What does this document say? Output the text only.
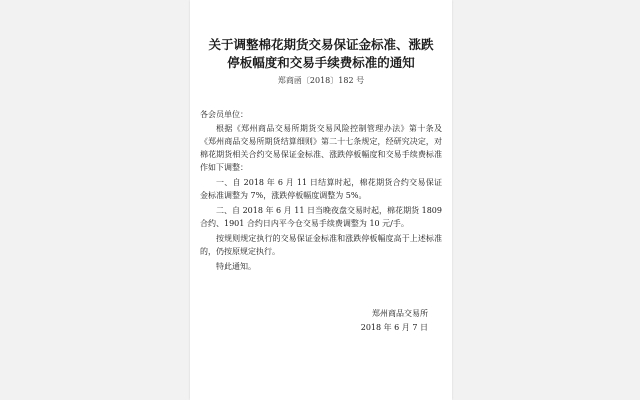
关于调整棉花期货交易保证金标准、涨跌
停板幅度和交易手续费标准的通知
郑商函〔2018〕182 号
各会员单位：

根据《郑州商品交易所期货交易风险控制管理办法》第十条及《郑州商品交易所期货结算细则》第二十七条规定，经研究决定，对棉花期货相关合约交易保证金标准、涨跌停板幅度和交易手续费标准作如下调整：

一、自 2018 年 6 月 11 日结算时起，棉花期货合约交易保证金标准调整为 7%，涨跌停板幅度调整为 5%。

二、自 2018 年 6 月 11 日当晚夜盘交易时起，棉花期货 1809 合约、1901 合约日内平今仓交易手续费调整为 10 元/手。

按规则规定执行的交易保证金标准和涨跌停板幅度高于上述标准的，仍按原规定执行。

特此通知。

郑州商品交易所
2018 年 6 月 7 日
